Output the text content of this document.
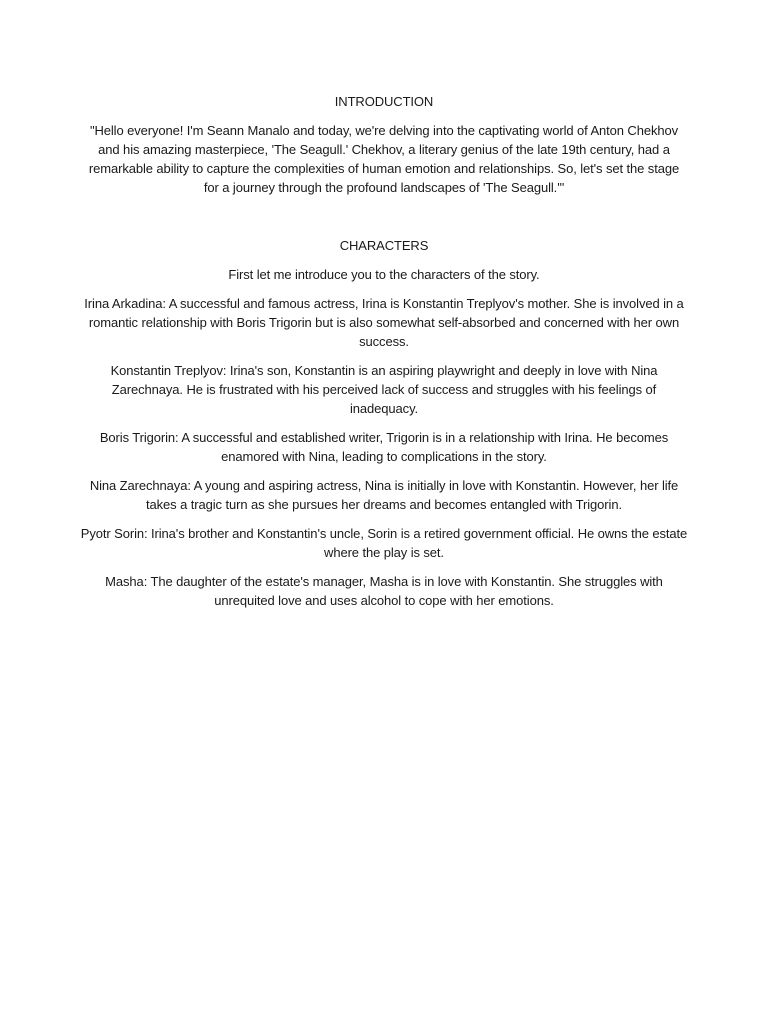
INTRODUCTION
"Hello everyone! I'm Seann Manalo and today, we're delving into the captivating world of Anton Chekhov and his amazing masterpiece, 'The Seagull.' Chekhov, a literary genius of the late 19th century, had a remarkable ability to capture the complexities of human emotion and relationships. So, let's set the stage for a journey through the profound landscapes of 'The Seagull.'"
CHARACTERS
First let me introduce you to the characters of the story.
Irina Arkadina: A successful and famous actress, Irina is Konstantin Treplyov's mother. She is involved in a romantic relationship with Boris Trigorin but is also somewhat self-absorbed and concerned with her own success.
Konstantin Treplyov: Irina's son, Konstantin is an aspiring playwright and deeply in love with Nina Zarechnaya. He is frustrated with his perceived lack of success and struggles with his feelings of inadequacy.
Boris Trigorin: A successful and established writer, Trigorin is in a relationship with Irina. He becomes enamored with Nina, leading to complications in the story.
Nina Zarechnaya: A young and aspiring actress, Nina is initially in love with Konstantin. However, her life takes a tragic turn as she pursues her dreams and becomes entangled with Trigorin.
Pyotr Sorin: Irina's brother and Konstantin's uncle, Sorin is a retired government official. He owns the estate where the play is set.
Masha: The daughter of the estate's manager, Masha is in love with Konstantin. She struggles with unrequited love and uses alcohol to cope with her emotions.
